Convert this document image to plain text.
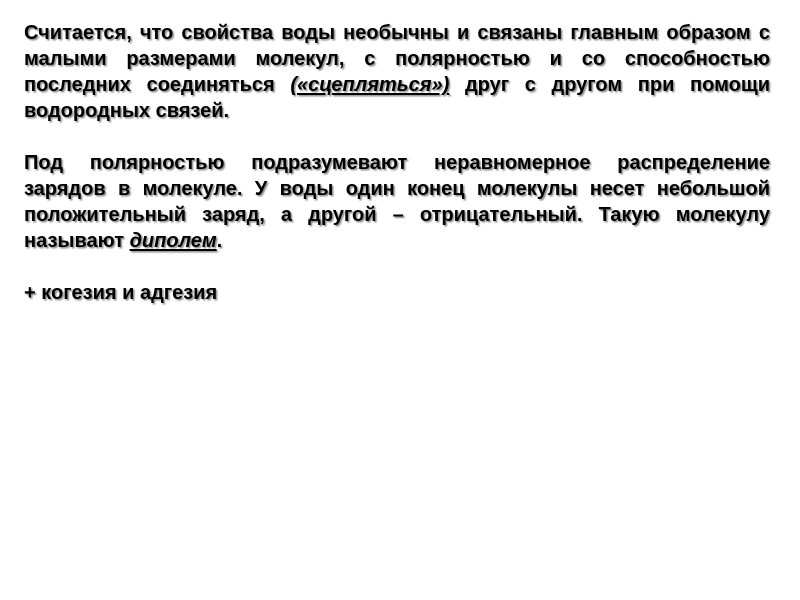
Считается, что свойства воды необычны и связаны главным образом с малыми размерами молекул, с полярностью и со способностью последних соединяться («сцепляться») друг с другом при помощи водородных связей.

Под полярностью подразумевают неравномерное распределение зарядов в молекуле. У воды один конец молекулы несет небольшой положительный заряд, а другой – отрицательный. Такую молекулу называют диполем.

+ когезия и адгезия
